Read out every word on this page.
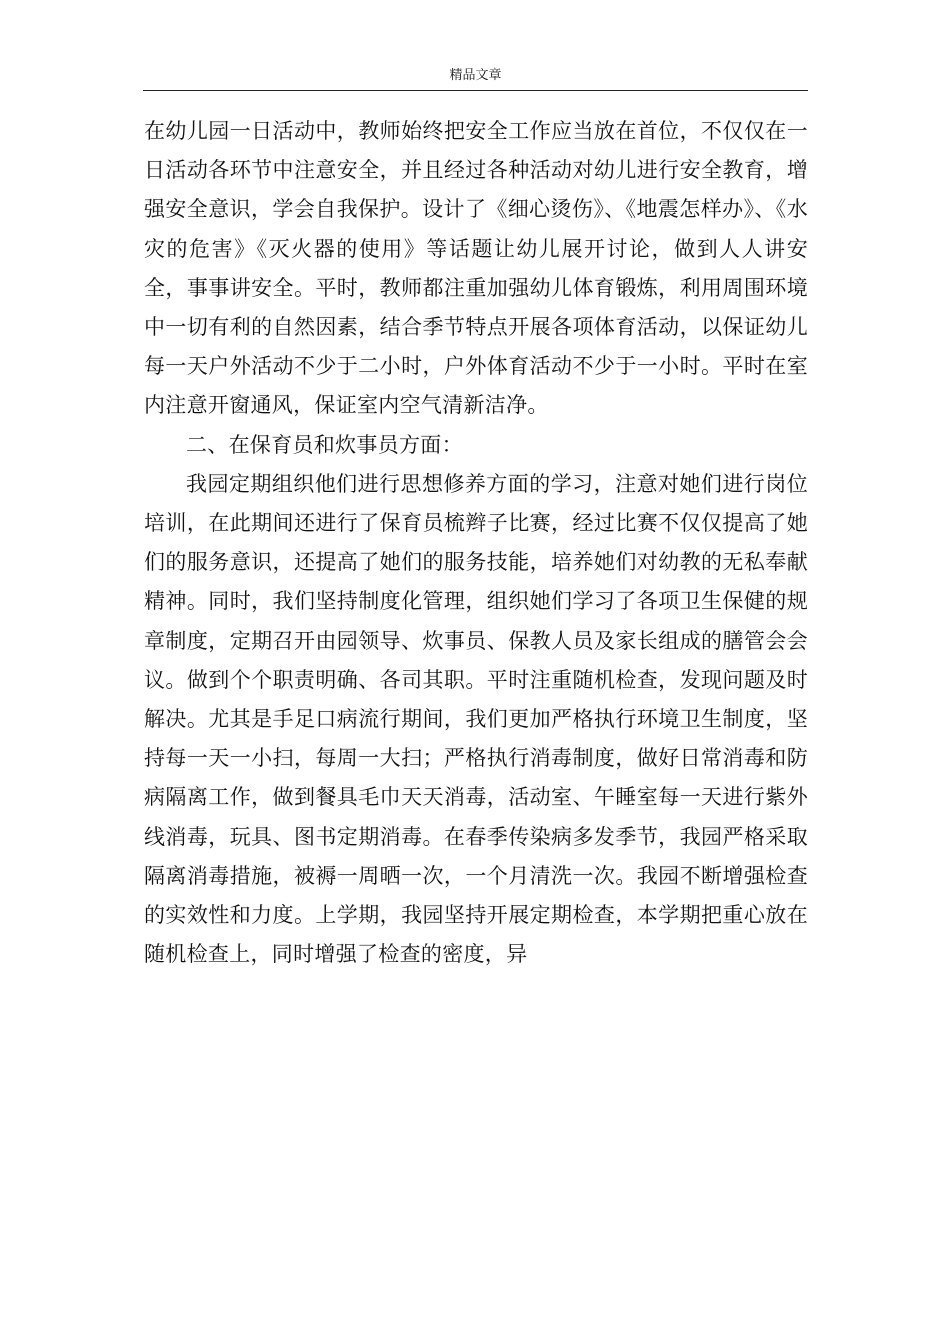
精品文章

在幼儿园一日活动中，教师始终把安全工作应当放在首位，不仅仅在一日活动各环节中注意安全，并且经过各种活动对幼儿进行安全教育，增强安全意识，学会自我保护。设计了《细心烫伤》、《地震怎样办》、《水灾的危害》《灭火器的使用》等话题让幼儿展开讨论，做到人人讲安全，事事讲安全。平时，教师都注重加强幼儿体育锻炼，利用周围环境中一切有利的自然因素，结合季节特点开展各项体育活动，以保证幼儿每一天户外活动不少于二小时，户外体育活动不少于一小时。平时在室内注意开窗通风，保证室内空气清新洁净。

二、在保育员和炊事员方面：

我园定期组织他们进行思想修养方面的学习，注意对她们进行岗位培训，在此期间还进行了保育员梳辫子比赛，经过比赛不仅仅提高了她们的服务意识，还提高了她们的服务技能，培养她们对幼教的无私奉献精神。同时，我们坚持制度化管理，组织她们学习了各项卫生保健的规章制度，定期召开由园领导、炊事员、保教人员及家长组成的膳管会会议。做到个个职责明确、各司其职。平时注重随机检查，发现问题及时解决。尤其是手足口病流行期间，我们更加严格执行环境卫生制度，坚持每一天一小扫，每周一大扫；严格执行消毒制度，做好日常消毒和防病隔离工作，做到餐具毛巾天天消毒，活动室、午睡室每一天进行紫外线消毒，玩具、图书定期消毒。在春季传染病多发季节，我园严格采取隔离消毒措施，被褥一周晒一次，一个月清洗一次。我园不断增强检查的实效性和力度。上学期，我园坚持开展定期检查，本学期把重心放在随机检查上，同时增强了检查的密度，异
